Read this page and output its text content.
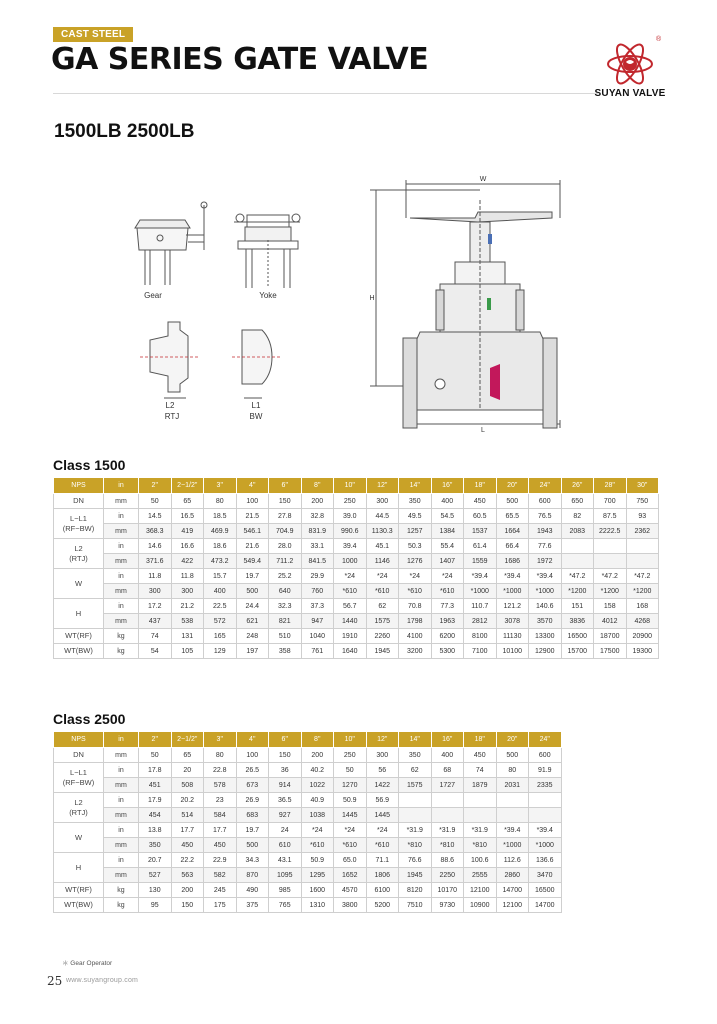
CAST STEEL
GA SERIES GATE VALVE
®
SUYAN VALVE
1500LB 2500LB
Gear	Yoke
L2
RTJ
L1
BW
W
H
L
Class 1500
NPS	in	2"	2−1/2"	3"	4"	6"	8"	10"	12"	14"	16"	18"	20"	24"	26"	28"	30"
DN	mm	50	65	80	100	150	200	250	300	350	400	450	500	600	650	700	750
L−L1
(RF−BW)	in	14.5	16.5	18.5	21.5	27.8	32.8	39.0	44.5	49.5	54.5	60.5	65.5	76.5	82	87.5	93
	mm	368.3	419	469.9	546.1	704.9	831.9	990.6	1130.3	1257	1384	1537	1664	1943	2083	2222.5	2362
L2
(RTJ)	in	14.6	16.6	18.6	21.6	28.0	33.1	39.4	45.1	50.3	55.4	61.4	66.4	77.6			
	mm	371.6	422	473.2	549.4	711.2	841.5	1000	1146	1276	1407	1559	1686	1972			
W	in	11.8	11.8	15.7	19.7	25.2	29.9	*24	*24	*24	*24	*39.4	*39.4	*39.4	*47.2	*47.2	*47.2
	mm	300	300	400	500	640	760	*610	*610	*610	*610	*1000	*1000	*1000	*1200	*1200	*1200
H	in	17.2	21.2	22.5	24.4	32.3	37.3	56.7	62	70.8	77.3	110.7	121.2	140.6	151	158	168
	mm	437	538	572	621	821	947	1440	1575	1798	1963	2812	3078	3570	3836	4012	4268
WT(RF)	kg	74	131	165	248	510	1040	1910	2260	4100	6200	8100	11130	13300	16500	18700	20900
WT(BW)	kg	54	105	129	197	358	761	1640	1945	3200	5300	7100	10100	12900	15700	17500	19300
Class 2500
NPS	in	2"	2−1/2"	3"	4"	6"	8"	10"	12"	14"	16"	18"	20"	24"
DN	mm	50	65	80	100	150	200	250	300	350	400	450	500	600
L−L1
(RF−BW)	in	17.8	20	22.8	26.5	36	40.2	50	56	62	68	74	80	91.9
	mm	451	508	578	673	914	1022	1270	1422	1575	1727	1879	2031	2335
L2
(RTJ)	in	17.9	20.2	23	26.9	36.5	40.9	50.9	56.9					
	mm	454	514	584	683	927	1038	1445	1445					
W	in	13.8	17.7	17.7	19.7	24	*24	*24	*24	*31.9	*31.9	*31.9	*39.4	*39.4
	mm	350	450	450	500	610	*610	*610	*610	*810	*810	*810	*1000	*1000
H	in	20.7	22.2	22.9	34.3	43.1	50.9	65.0	71.1	76.6	88.6	100.6	112.6	136.6
	mm	527	563	582	870	1095	1295	1652	1806	1945	2250	2555	2860	3470
WT(RF)	kg	130	200	245	490	985	1600	4570	6100	8120	10170	12100	14700	16500
WT(BW)	kg	95	150	175	375	765	1310	3800	5200	7510	9730	10900	12100	14700
＊ Gear Operator
25 www.suyangroup.com
